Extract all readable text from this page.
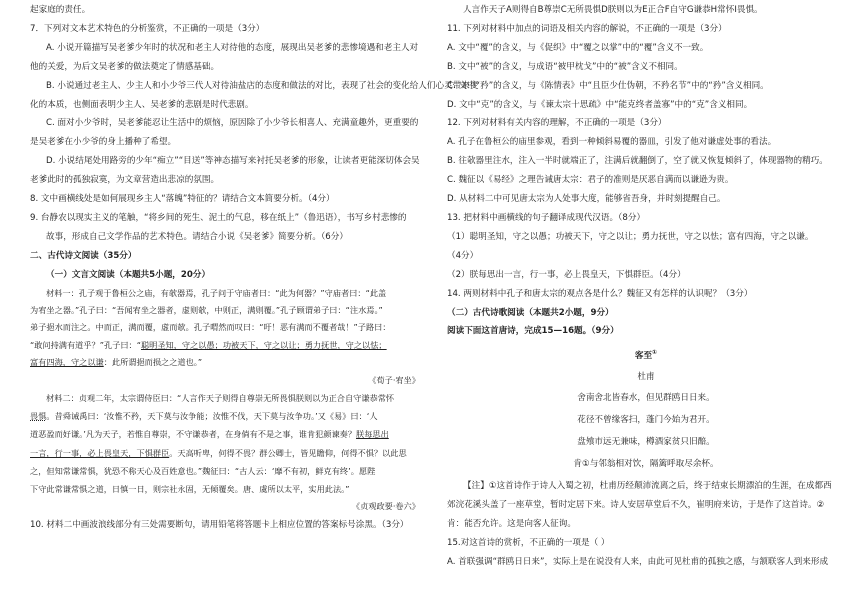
起家庭的责任。

7．下列对文本艺术特色的分析鉴赏，不正确的一项是（3分）

A. 小说开篇描写吴老爹少年时的状况和老主人对待他的态度，展现出吴老爹的悲惨境遇和老主人对

他的关爱，为后文吴老爹的做法奠定了情感基础。

B. 小说通过老主人、少主人和小少爷三代人对待油盐店的态度和做法的对比，表现了社会的变化给人们心灵带来变

化的本质，也侧面表明少主人、吴老爹的悲剧是时代悲剧。

C. 面对小少爷时，吴老爹能忍让生活中的烦恼，原因除了小少爷长相喜人、充满童趣外，更重要的

是吴老爹在小少爷的身上播种了希望。

D. 小说结尾处用路旁的少年“痴立”“目送”等神态描写来衬托吴老爹的形象，让读者更能深切体会吴

老爹此时的孤独寂寞，为文章营造出悲凉的氛围。

8. 文中画横线处是如何展现乡主人“落魄”特征的？请结合文本简要分析。（4分）

9. 台静农以现实主义的笔触，“将乡间的死生、泥土的气息，移在纸上”（鲁迅语），书写乡村悲惨的

故事，形成自己文学作品的艺术特色。请结合小说《吴老爹》简要分析。（6分）

二、古代诗文阅读（35分）

（一）文言文阅读（本题共5小题，20分）

材料一：孔子观于鲁桓公之庙，有欹器焉，孔子问于守庙者曰：“此为何器？”守庙者曰：“此盖

为宥坐之器。”孔子曰：“吾闻宥坐之器者，虚则欹，中则正，满则覆。”孔子顾谓弟子曰：“注水焉。”

弟子挹水而注之。中而正，满而覆，虚而欹。孔子喟然而叹曰：“吁！恶有满而不覆者哉！”子路曰：

“敢问持满有道乎？”孔子曰：“聪明圣知，守之以愚；功被天下，守之以让；勇力抚世，守之以怯；

富有四海，守之以谦：此所谓挹而损之之道也。”

《荀子·宥坐》

材料二：贞观二年，太宗谓侍臣曰：“人言作天子则得自尊崇无所畏惧朕则以为正合自守谦恭常怀

畏惧。昔舜诫禹曰：‘汝惟不矜，天下莫与汝争能；汝惟不伐，天下莫与汝争功。’又《易》曰：‘人

道恶盈而好谦。’凡为天子，若惟自尊崇，不守谦恭者，在身倘有不是之事，谁肯犯颜谏奏？朕每思出

一言，行一事，必上畏皇天，下惧群臣。天高听卑，何得不畏？群公卿士，皆见瞻仰，何得不惧？以此思

之，但知常谦常惧，犹恐不称天心及百姓意也。”魏征曰：“古人云：‘靡不有初，鲜克有终’。愿陛

下守此常谦常惧之道，日慎一日，则宗社永固，无倾覆矣。唐、虞所以太平，实用此法。”

《贞观政要·卷六》

10. 材料二中画波浪线部分有三处需要断句，请用铅笔将答题卡上相应位置的答案标号涂黑。（3分）

人言作天子A则得自B尊崇C无所畏惧D朕则以为E正合F自守G谦恭H常怀I畏惧。

11. 下列对材料中加点的词语及相关内容的解说，不正确的一项是（3分）

A. 文中“覆”的含义，与《促织》中“覆之以掌”中的“覆”含义不一致。

B. 文中“被”的含义，与成语“被甲枕戈”中的“被”含义不相同。

C. 文中“矜”的含义，与《陈情表》中“且臣少仕伪朝，不矜名节”中的“矜”含义相同。

D. 文中“克”的含义，与《谏太宗十思疏》中“能克终者盖寡”中的“克”含义相同。

12. 下列对材料有关内容的理解，不正确的一项是（3分）

A. 孔子在鲁桓公的庙里参观，看到一种倾斜易覆的器皿，引发了他对谦虚处事的看法。

B. 往欹器里注水，注入一半时就端正了，注满后就翻倒了，空了就又恢复倾斜了，体现器物的精巧。

C. 魏征以《易经》之理告诫唐太宗：君子的准则是厌恶自满而以谦逊为贵。

D. 从材料二中可见唐太宗为人处事大度，能够省吾身，并时刻提醒自己。

13. 把材料中画横线的句子翻译成现代汉语。（8分）

（1）聪明圣知，守之以愚；功被天下，守之以让；勇力抚世，守之以怯；富有四海，守之以谦。

（4分）

（2）朕每思出一言，行一事，必上畏皇天，下惧群臣。（4分）

14. 两则材料中孔子和唐太宗的观点各是什么？魏征又有怎样的认识呢？（3分）

（二）古代诗歌阅读（本题共2小题，9分）

阅读下面这首唐诗，完成15—16题。（9分）

客至①

杜甫

舍南舍北皆春水，但见群鸥日日来。

花径不曾缘客扫，蓬门今始为君开。

盘飧市远无兼味，樽酒家贫只旧醅。

肯①与邻翁相对饮，隔篱呼取尽余杯。

【注】①这首诗作于诗人入蜀之初，杜甫历经颠沛流离之后，终于结束长期漂泊的生涯，在成都西

郊浣花溪头盖了一座草堂，暂时定居下来。诗人安居草堂后不久，崔明府来访，于是作了这首诗。②

肯：能否允许。这是向客人征询。

15.对这首诗的赏析，不正确的一项是（ ）

A. 首联强调“群鸥日日来”，实际上是在说没有人来，由此可见杜甫的孤独之感，与颔联客人到来形成
